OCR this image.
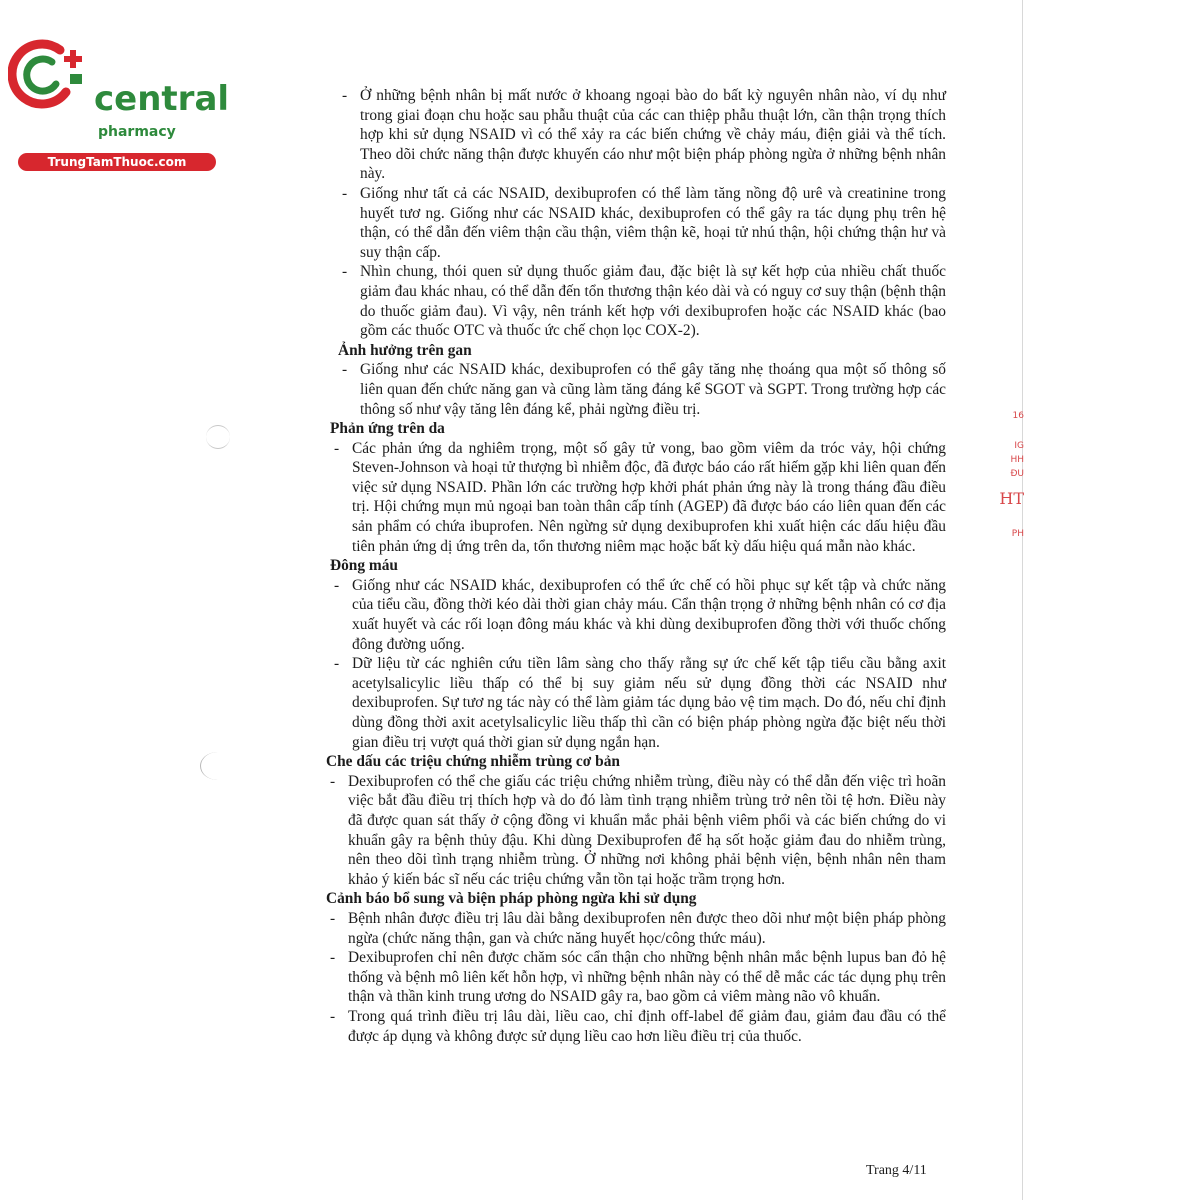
central
pharmacy
TrungTamThuoc.com
16
IG
HH
ĐU
HT
PH
- Ở những bệnh nhân bị mất nước ở khoang ngoại bào do bất kỳ nguyên nhân nào, ví dụ như trong giai đoạn chu hoặc sau phẫu thuật của các can thiệp phẫu thuật lớn, cần thận trọng thích hợp khi sử dụng NSAID vì có thể xảy ra các biến chứng về chảy máu, điện giải và thể tích. Theo dõi chức năng thận được khuyến cáo như một biện pháp phòng ngừa ở những bệnh nhân này.
- Giống như tất cả các NSAID, dexibuprofen có thể làm tăng nồng độ urê và creatinine trong huyết tươ ng. Giống như các NSAID khác, dexibuprofen có thể gây ra tác dụng phụ trên hệ thận, có thể dẫn đến viêm thận cầu thận, viêm thận kẽ, hoại tử nhú thận, hội chứng thận hư và suy thận cấp.
- Nhìn chung, thói quen sử dụng thuốc giảm đau, đặc biệt là sự kết hợp của nhiều chất thuốc giảm đau khác nhau, có thể dẫn đến tổn thương thận kéo dài và có nguy cơ suy thận (bệnh thận do thuốc giảm đau). Vì vậy, nên tránh kết hợp với dexibuprofen hoặc các NSAID khác (bao gồm các thuốc OTC và thuốc ức chế chọn lọc COX-2).
Ảnh hưởng trên gan
- Giống như các NSAID khác, dexibuprofen có thể gây tăng nhẹ thoáng qua một số thông số liên quan đến chức năng gan và cũng làm tăng đáng kể SGOT và SGPT. Trong trường hợp các thông số như vậy tăng lên đáng kể, phải ngừng điều trị.
Phản ứng trên da
- Các phản ứng da nghiêm trọng, một số gây tử vong, bao gồm viêm da tróc vảy, hội chứng Steven-Johnson và hoại tử thượng bì nhiễm độc, đã được báo cáo rất hiếm gặp khi liên quan đến việc sử dụng NSAID. Phần lớn các trường hợp khởi phát phản ứng này là trong tháng đầu điều trị. Hội chứng mụn mủ ngoại ban toàn thân cấp tính (AGEP) đã được báo cáo liên quan đến các sản phẩm có chứa ibuprofen. Nên ngừng sử dụng dexibuprofen khi xuất hiện các dấu hiệu đầu tiên phản ứng dị ứng trên da, tổn thương niêm mạc hoặc bất kỳ dấu hiệu quá mẫn nào khác.
Đông máu
- Giống như các NSAID khác, dexibuprofen có thể ức chế có hồi phục sự kết tập và chức năng của tiểu cầu, đồng thời kéo dài thời gian chảy máu. Cẩn thận trọng ở những bệnh nhân có cơ địa xuất huyết và các rối loạn đông máu khác và khi dùng dexibuprofen đồng thời với thuốc chống đông đường uống.
- Dữ liệu từ các nghiên cứu tiền lâm sàng cho thấy rằng sự ức chế kết tập tiểu cầu bằng axit acetylsalicylic liều thấp có thể bị suy giảm nếu sử dụng đồng thời các NSAID như dexibuprofen. Sự tươ ng tác này có thể làm giảm tác dụng bảo vệ tim mạch. Do đó, nếu chỉ định dùng đồng thời axit acetylsalicylic liều thấp thì cần có biện pháp phòng ngừa đặc biệt nếu thời gian điều trị vượt quá thời gian sử dụng ngắn hạn.
Che dấu các triệu chứng nhiễm trùng cơ bản
- Dexibuprofen có thể che giấu các triệu chứng nhiễm trùng, điều này có thể dẫn đến việc trì hoãn việc bắt đầu điều trị thích hợp và do đó làm tình trạng nhiễm trùng trở nên tồi tệ hơn. Điều này đã được quan sát thấy ở cộng đồng vi khuẩn mắc phải bệnh viêm phổi và các biến chứng do vi khuẩn gây ra bệnh thủy đậu. Khi dùng Dexibuprofen để hạ sốt hoặc giảm đau do nhiễm trùng, nên theo dõi tình trạng nhiễm trùng. Ở những nơi không phải bệnh viện, bệnh nhân nên tham khảo ý kiến bác sĩ nếu các triệu chứng vẫn tồn tại hoặc trầm trọng hơn.
Cảnh báo bổ sung và biện pháp phòng ngừa khi sử dụng
- Bệnh nhân được điều trị lâu dài bằng dexibuprofen nên được theo dõi như một biện pháp phòng ngừa (chức năng thận, gan và chức năng huyết học/công thức máu).
- Dexibuprofen chỉ nên được chăm sóc cẩn thận cho những bệnh nhân mắc bệnh lupus ban đỏ hệ thống và bệnh mô liên kết hỗn hợp, vì những bệnh nhân này có thể dễ mắc các tác dụng phụ trên thận và thần kinh trung ương do NSAID gây ra, bao gồm cả viêm màng não vô khuẩn.
- Trong quá trình điều trị lâu dài, liều cao, chỉ định off-label để giảm đau, giảm đau đầu có thể được áp dụng và không được sử dụng liều cao hơn liều điều trị của thuốc.
Trang 4/11
